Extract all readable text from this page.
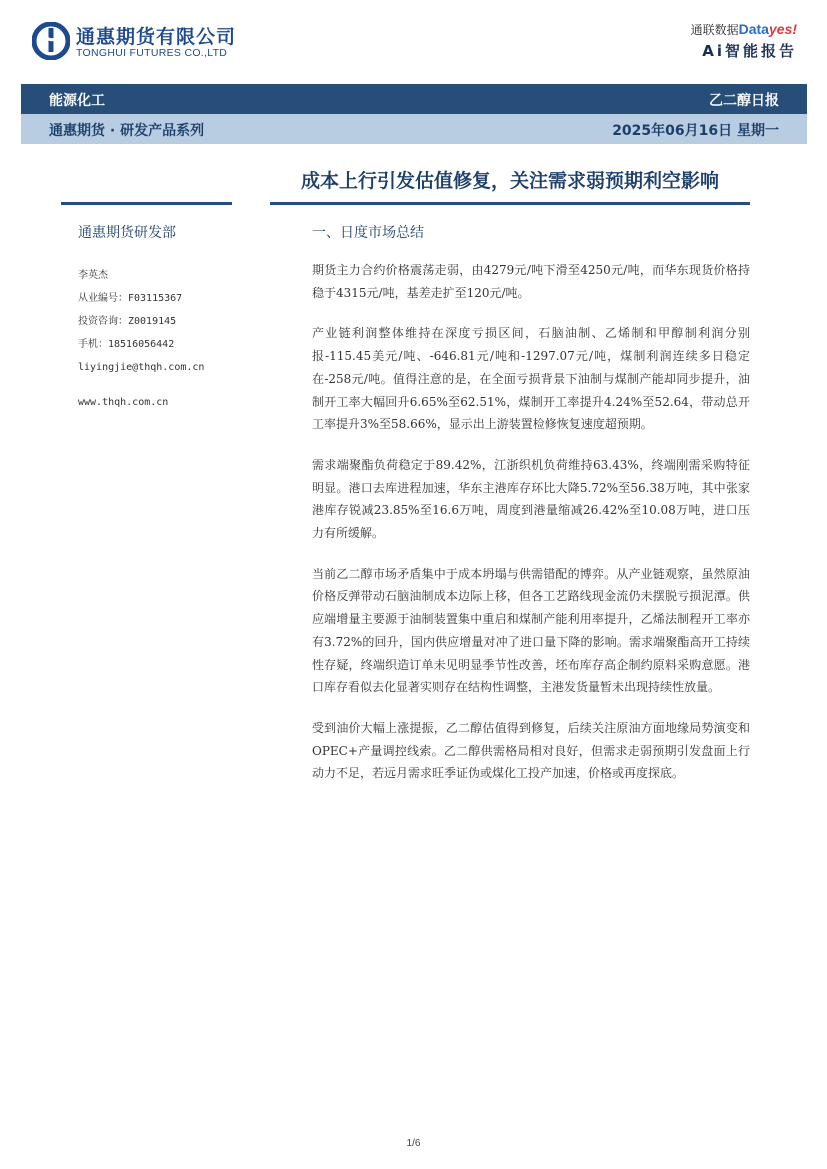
通惠期货有限公司
TONGHUI FUTURES CO.,LTD
通联数据Datayes!
Ai智能报告
能源化工	乙二醇日报
通惠期货 · 研发产品系列	2025年06月16日 星期一
成本上行引发估值修复，关注需求弱预期利空影响
通惠期货研发部
李英杰
从业编号：F03115367
投资咨询：Z0019145
手机：18516056442
liyingjie@thqh.com.cn
www.thqh.com.cn
一、日度市场总结

期货主力合约价格震荡走弱，由4279元/吨下滑至4250元/吨，而华东现货价格持稳于4315元/吨，基差走扩至120元/吨。

产业链利润整体维持在深度亏损区间，石脑油制、乙烯制和甲醇制利润分别报-115.45美元/吨、-646.81元/吨和-1297.07元/吨，煤制利润连续多日稳定在-258元/吨。值得注意的是，在全面亏损背景下油制与煤制产能却同步提升，油制开工率大幅回升6.65%至62.51%，煤制开工率提升4.24%至52.64，带动总开工率提升3%至58.66%，显示出上游装置检修恢复速度超预期。

需求端聚酯负荷稳定于89.42%，江浙织机负荷维持63.43%，终端刚需采购特征明显。港口去库进程加速，华东主港库存环比大降5.72%至56.38万吨，其中张家港库存锐减23.85%至16.6万吨，周度到港量缩减26.42%至10.08万吨，进口压力有所缓解。

当前乙二醇市场矛盾集中于成本坍塌与供需错配的博弈。从产业链观察，虽然原油价格反弹带动石脑油制成本边际上移，但各工艺路线现金流仍未摆脱亏损泥潭。供应端增量主要源于油制装置集中重启和煤制产能利用率提升，乙烯法制程开工率亦有3.72%的回升，国内供应增量对冲了进口量下降的影响。需求端聚酯高开工持续性存疑，终端织造订单未见明显季节性改善，坯布库存高企制约原料采购意愿。港口库存看似去化显著实则存在结构性调整，主港发货量暂未出现持续性放量。

受到油价大幅上涨提振，乙二醇估值得到修复，后续关注原油方面地缘局势演变和OPEC+产量调控线索。乙二醇供需格局相对良好，但需求走弱预期引发盘面上行动力不足，若远月需求旺季证伪或煤化工投产加速，价格或再度探底。

1/6
